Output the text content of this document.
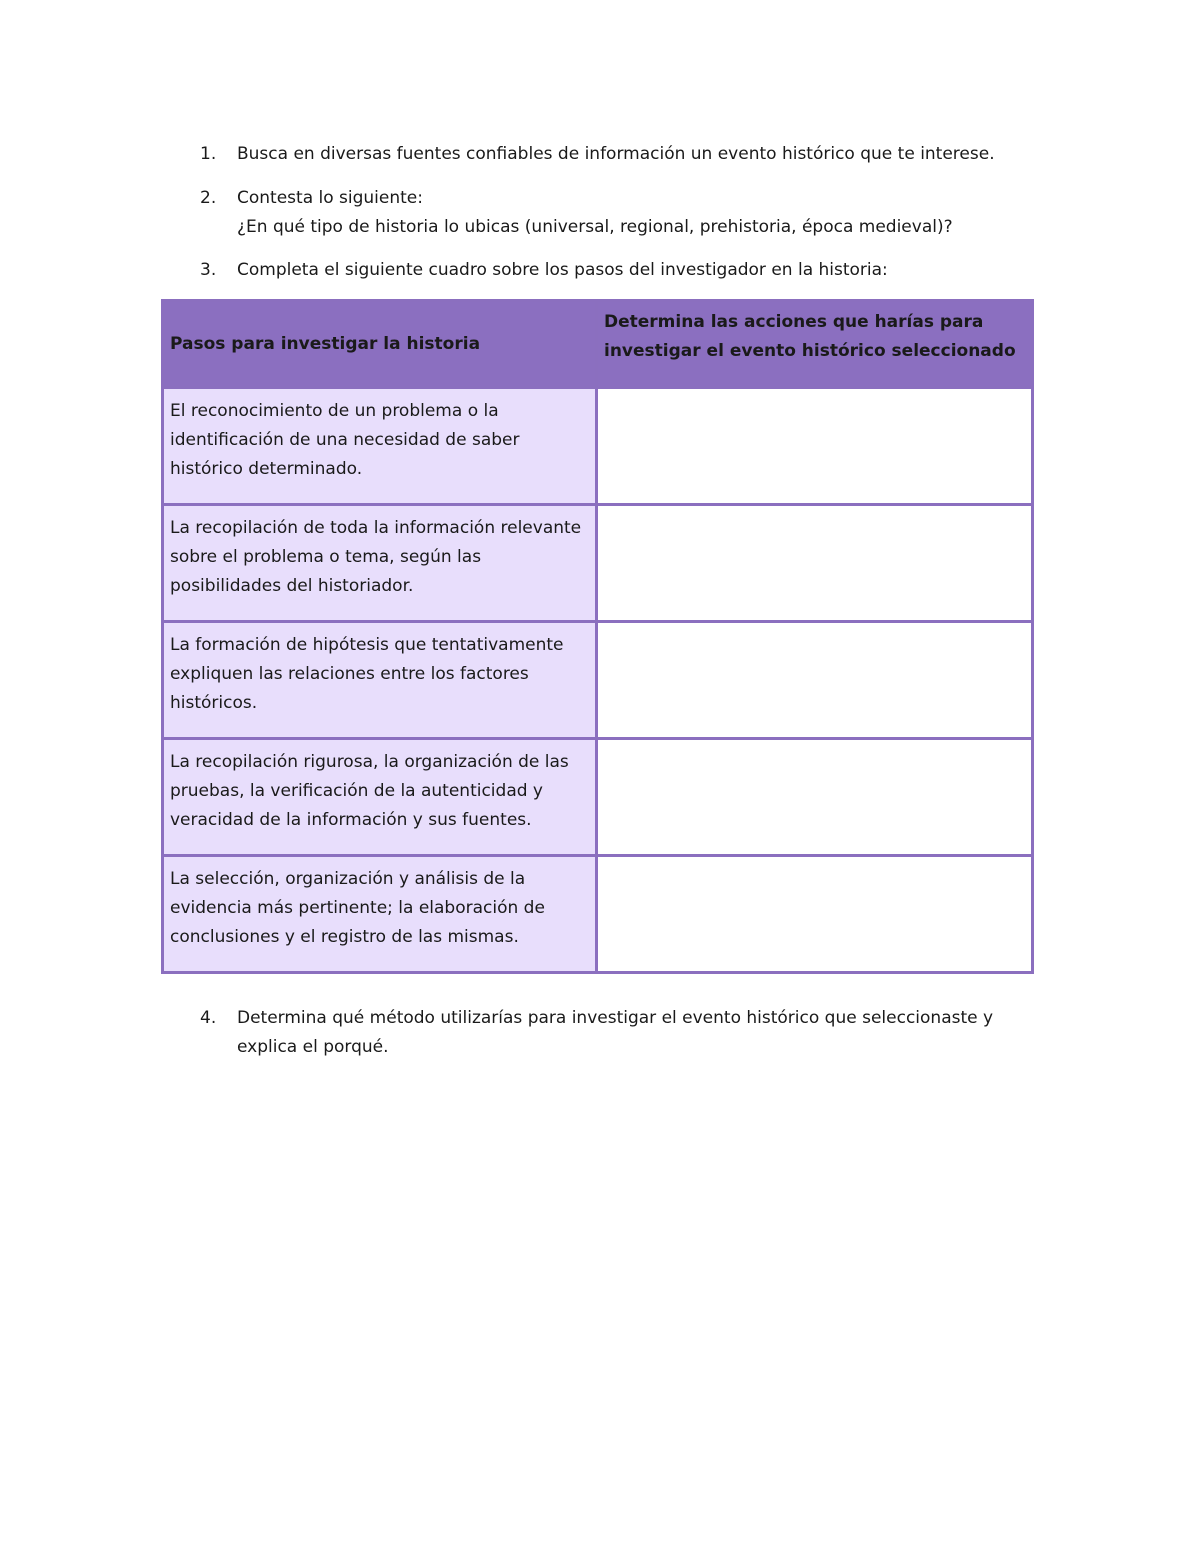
1.	Busca en diversas fuentes confiables de información un evento histórico que te interese.

2.	Contesta lo siguiente:

¿En qué tipo de historia lo ubicas (universal, regional, prehistoria, época medieval)?

3.	Completa el siguiente cuadro sobre los pasos del investigador en la historia:

Pasos para investigar la historia	Determina las acciones que harías para investigar el evento histórico seleccionado
El reconocimiento de un problema o la identificación de una necesidad de saber histórico determinado.	
La recopilación de toda la información relevante sobre el problema o tema, según las posibilidades del historiador.	
La formación de hipótesis que tentativamente expliquen las relaciones entre los factores históricos.	
La recopilación rigurosa, la organización de las pruebas, la verificación de la autenticidad y veracidad de la información y sus fuentes.	
La selección, organización y análisis de la evidencia más pertinente; la elaboración de conclusiones y el registro de las mismas.	
4.	Determina qué método utilizarías para investigar el evento histórico que seleccionaste y explica el porqué.
